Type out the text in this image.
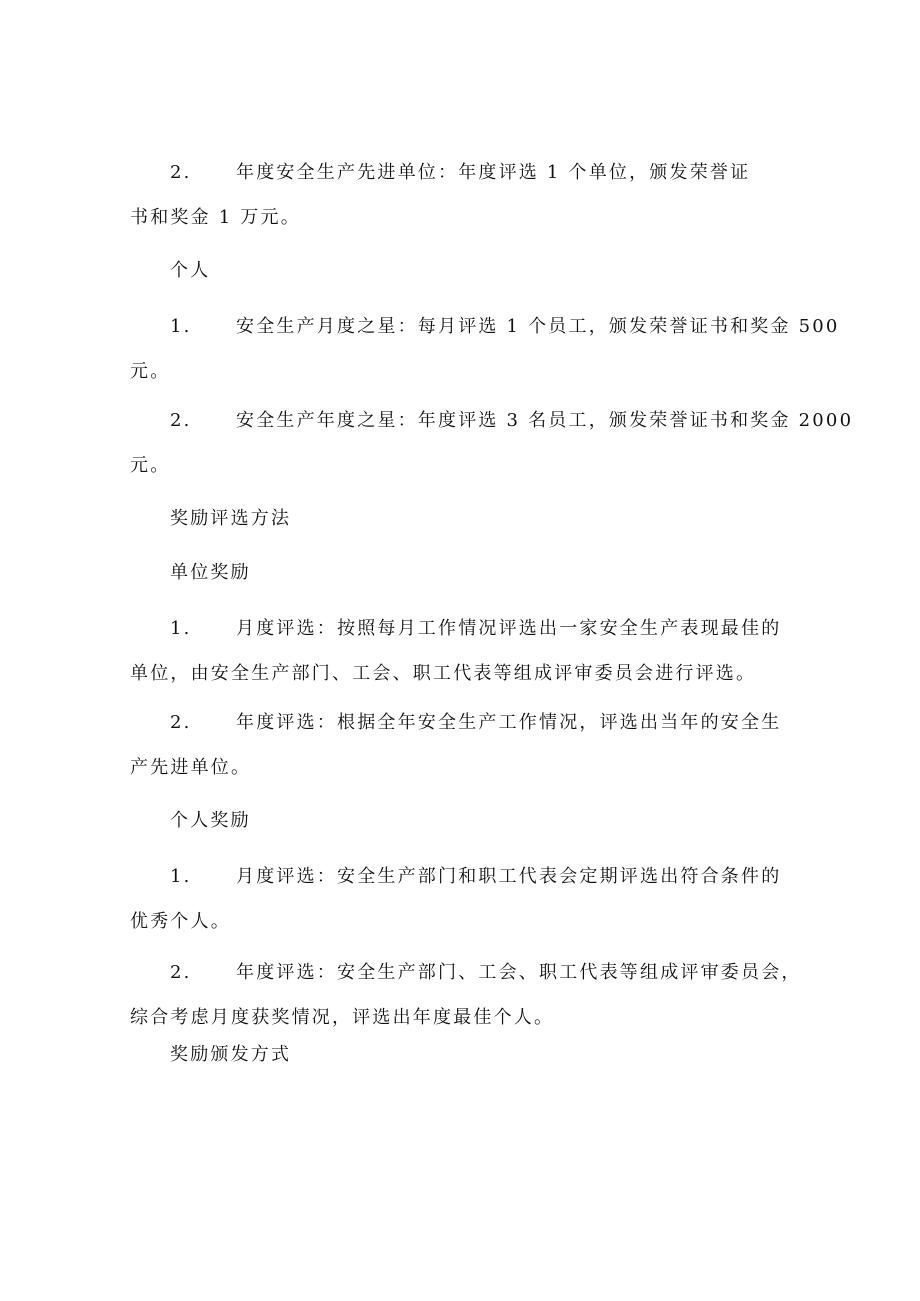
2. 年度安全生产先进单位：年度评选 1 个单位，颁发荣誉证
书和奖金 1 万元。
个人
1. 安全生产月度之星：每月评选 1 个员工，颁发荣誉证书和奖金 500
元。
2. 安全生产年度之星：年度评选 3 名员工，颁发荣誉证书和奖金 2000
元。
奖励评选方法
单位奖励
1. 月度评选：按照每月工作情况评选出一家安全生产表现最佳的
单位，由安全生产部门、工会、职工代表等组成评审委员会进行评选。
2. 年度评选：根据全年安全生产工作情况，评选出当年的安全生
产先进单位。
个人奖励
1. 月度评选：安全生产部门和职工代表会定期评选出符合条件的
优秀个人。
2. 年度评选：安全生产部门、工会、职工代表等组成评审委员会，
综合考虑月度获奖情况，评选出年度最佳个人。
奖励颁发方式
